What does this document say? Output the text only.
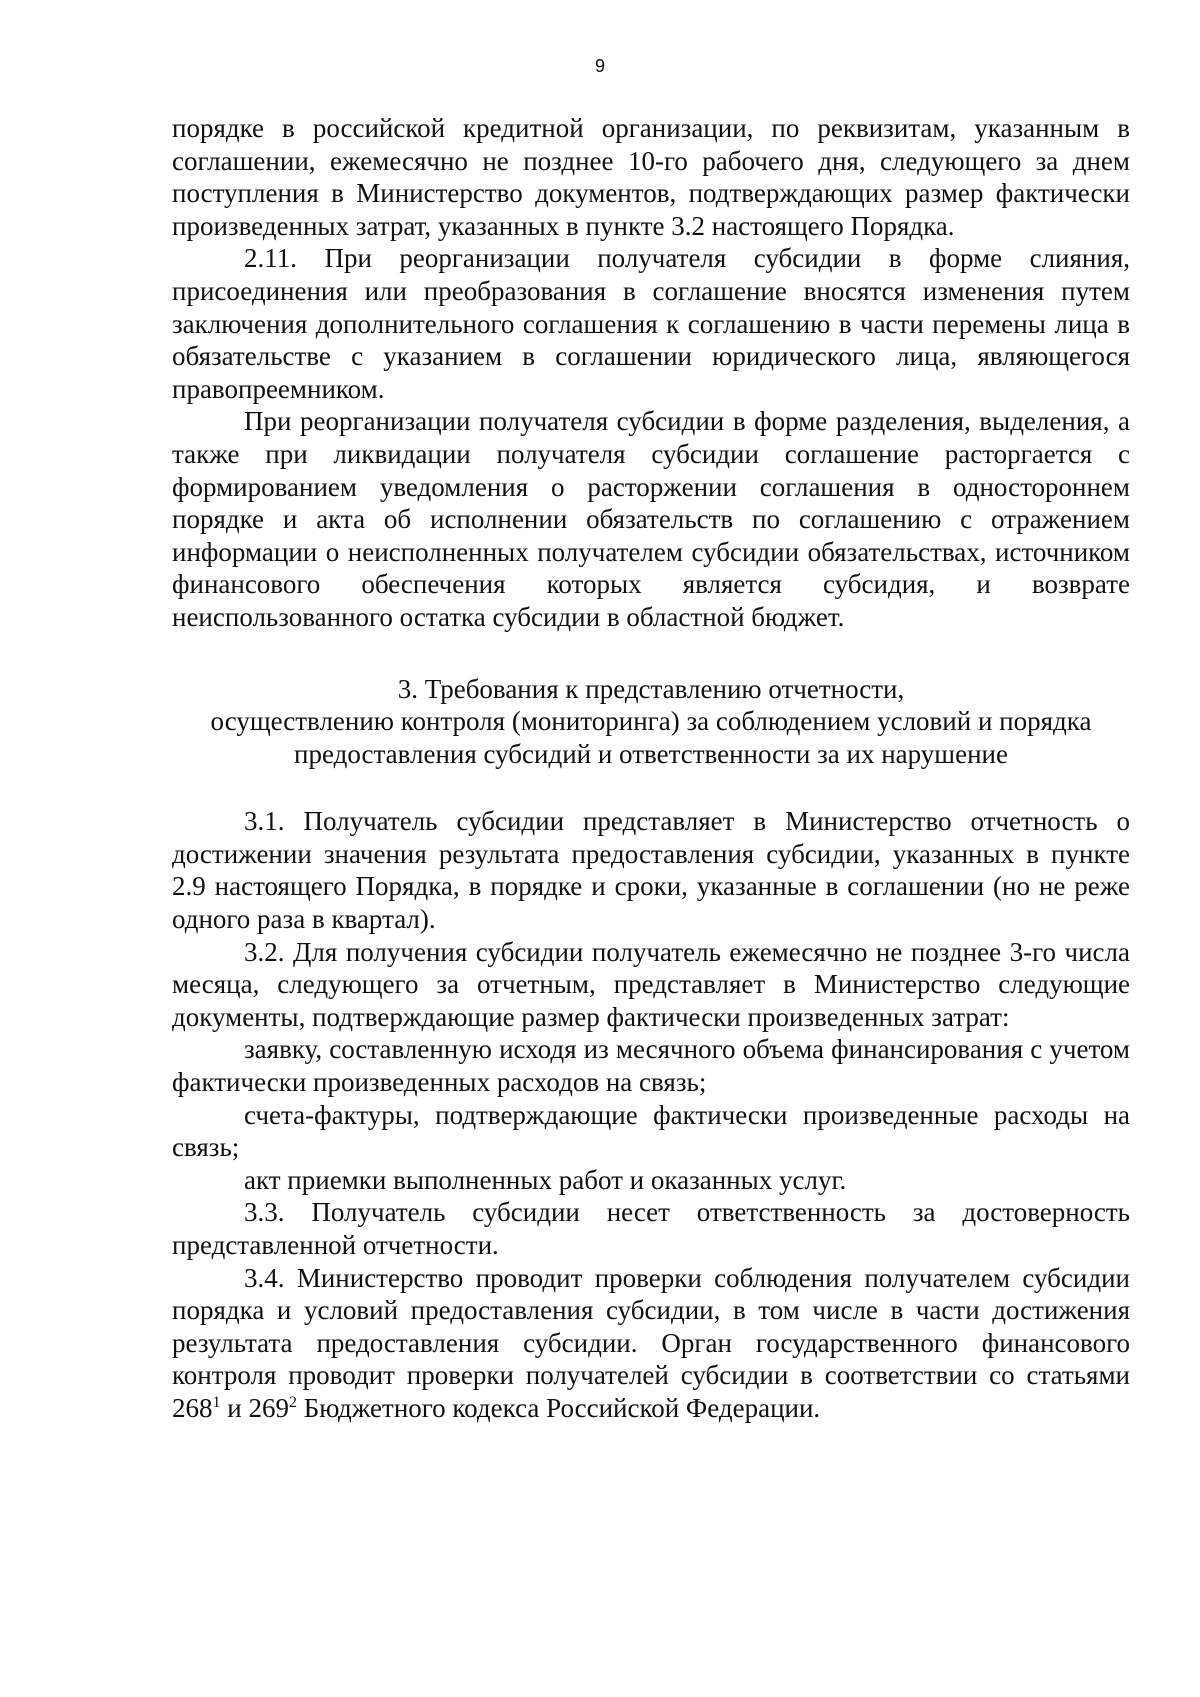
9

порядке в российской кредитной организации, по реквизитам, указанным в соглашении, ежемесячно не позднее 10-го рабочего дня, следующего за днем поступления в Министерство документов, подтверждающих размер фактически произведенных затрат, указанных в пункте 3.2 настоящего Порядка.

2.11. При реорганизации получателя субсидии в форме слияния, присоединения или преобразования в соглашение вносятся изменения путем заключения дополнительного соглашения к соглашению в части перемены лица в обязательстве с указанием в соглашении юридического лица, являющегося правопреемником.

При реорганизации получателя субсидии в форме разделения, выделения, а также при ликвидации получателя субсидии соглашение расторгается с формированием уведомления о расторжении соглашения в одностороннем порядке и акта об исполнении обязательств по соглашению с отражением информации о неисполненных получателем субсидии обязательствах, источником финансового обеспечения которых является субсидия, и возврате неиспользованного остатка субсидии в областной бюджет.

3. Требования к представлению отчетности,
осуществлению контроля (мониторинга) за соблюдением условий и порядка
предоставления субсидий и ответственности за их нарушение

3.1. Получатель субсидии представляет в Министерство отчетность о достижении значения результата предоставления субсидии, указанных в пункте 2.9 настоящего Порядка, в порядке и сроки, указанные в соглашении (но не реже одного раза в квартал).

3.2. Для получения субсидии получатель ежемесячно не позднее 3-го числа месяца, следующего за отчетным, представляет в Министерство следующие документы, подтверждающие размер фактически произведенных затрат:

заявку, составленную исходя из месячного объема финансирования с учетом фактически произведенных расходов на связь;

счета-фактуры, подтверждающие фактически произведенные расходы на связь;

акт приемки выполненных работ и оказанных услуг.

3.3. Получатель субсидии несет ответственность за достоверность представленной отчетности.

3.4. Министерство проводит проверки соблюдения получателем субсидии порядка и условий предоставления субсидии, в том числе в части достижения результата предоставления субсидии. Орган государственного финансового контроля проводит проверки получателей субсидии в соответствии со статьями $268^1$ и $269^2$ Бюджетного кодекса Российской Федерации.
